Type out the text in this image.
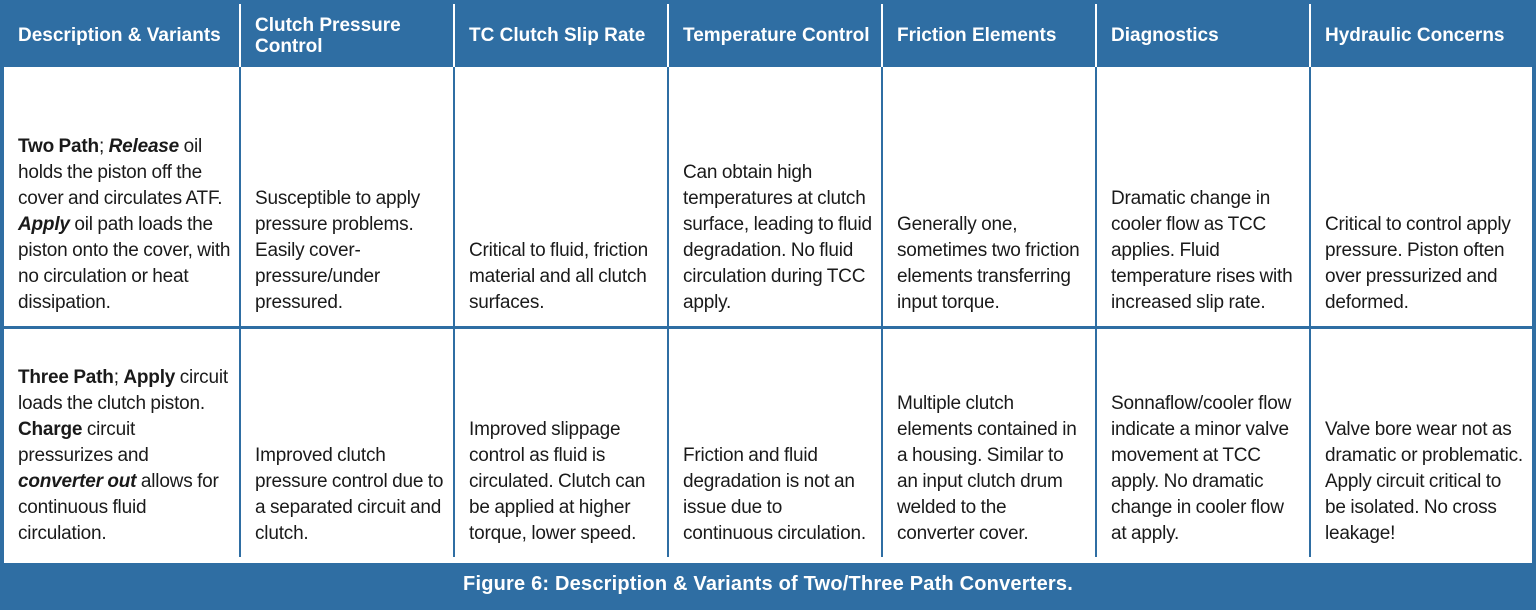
Description & Variants	Clutch Pressure Control	TC Clutch Slip Rate	Temperature Control	Friction Elements	Diagnostics	Hydraulic Concerns
Two Path; Release oil holds the piston off the cover and circulates ATF. Apply oil path loads the piston onto the cover, with no circulation or heat dissipation.	Susceptible to apply pressure problems. Easily cover-pressure/under pressured.	Critical to fluid, friction material and all clutch surfaces.	Can obtain high temperatures at clutch surface, leading to fluid degradation. No fluid circulation during TCC apply.	Generally one, sometimes two friction elements transferring input torque.	Dramatic change in cooler flow as TCC applies. Fluid temperature rises with increased slip rate.	Critical to control apply pressure. Piston often over pressurized and deformed.
Three Path; Apply circuit loads the clutch piston. Charge circuit pressurizes and converter out allows for continuous fluid circulation.	Improved clutch pressure control due to a separated circuit and clutch.	Improved slippage control as fluid is circulated. Clutch can be applied at higher torque, lower speed.	Friction and fluid degradation is not an issue due to continuous circulation.	Multiple clutch elements contained in a housing. Similar to an input clutch drum welded to the converter cover.	Sonnaflow/cooler flow indicate a minor valve movement at TCC apply. No dramatic change in cooler flow at apply.	Valve bore wear not as dramatic or problematic. Apply circuit critical to be isolated. No cross leakage!
Figure 6: Description & Variants of Two/Three Path Converters.
